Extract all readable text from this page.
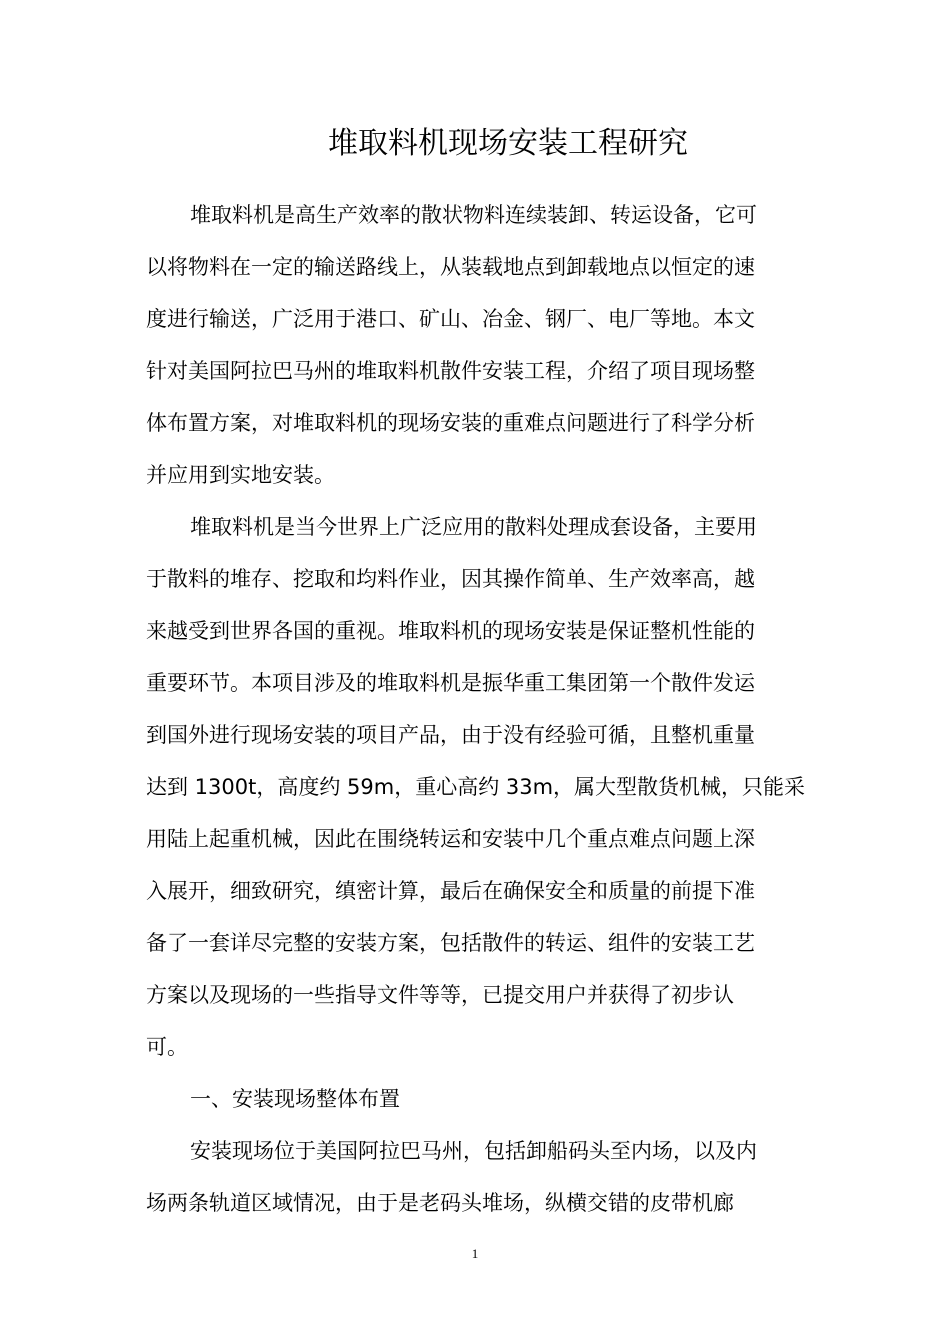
堆取料机现场安装工程研究
堆取料机是高生产效率的散状物料连续装卸、转运设备，它可
以将物料在一定的输送路线上，从装载地点到卸载地点以恒定的速
度进行输送，广泛用于港口、矿山、冶金、钢厂、电厂等地。本文
针对美国阿拉巴马州的堆取料机散件安装工程，介绍了项目现场整
体布置方案，对堆取料机的现场安装的重难点问题进行了科学分析
并应用到实地安装。
堆取料机是当今世界上广泛应用的散料处理成套设备，主要用
于散料的堆存、挖取和均料作业，因其操作简单、生产效率高，越
来越受到世界各国的重视。堆取料机的现场安装是保证整机性能的
重要环节。本项目涉及的堆取料机是振华重工集团第一个散件发运
到国外进行现场安装的项目产品，由于没有经验可循，且整机重量
达到 1300t，高度约 59m，重心高约 33m，属大型散货机械，只能采
用陆上起重机械，因此在围绕转运和安装中几个重点难点问题上深
入展开，细致研究，缜密计算，最后在确保安全和质量的前提下准
备了一套详尽完整的安装方案，包括散件的转运、组件的安装工艺
方案以及现场的一些指导文件等等，已提交用户并获得了初步认
可。
一、安装现场整体布置
安装现场位于美国阿拉巴马州，包括卸船码头至内场，以及内
场两条轨道区域情况，由于是老码头堆场，纵横交错的皮带机廊
1
